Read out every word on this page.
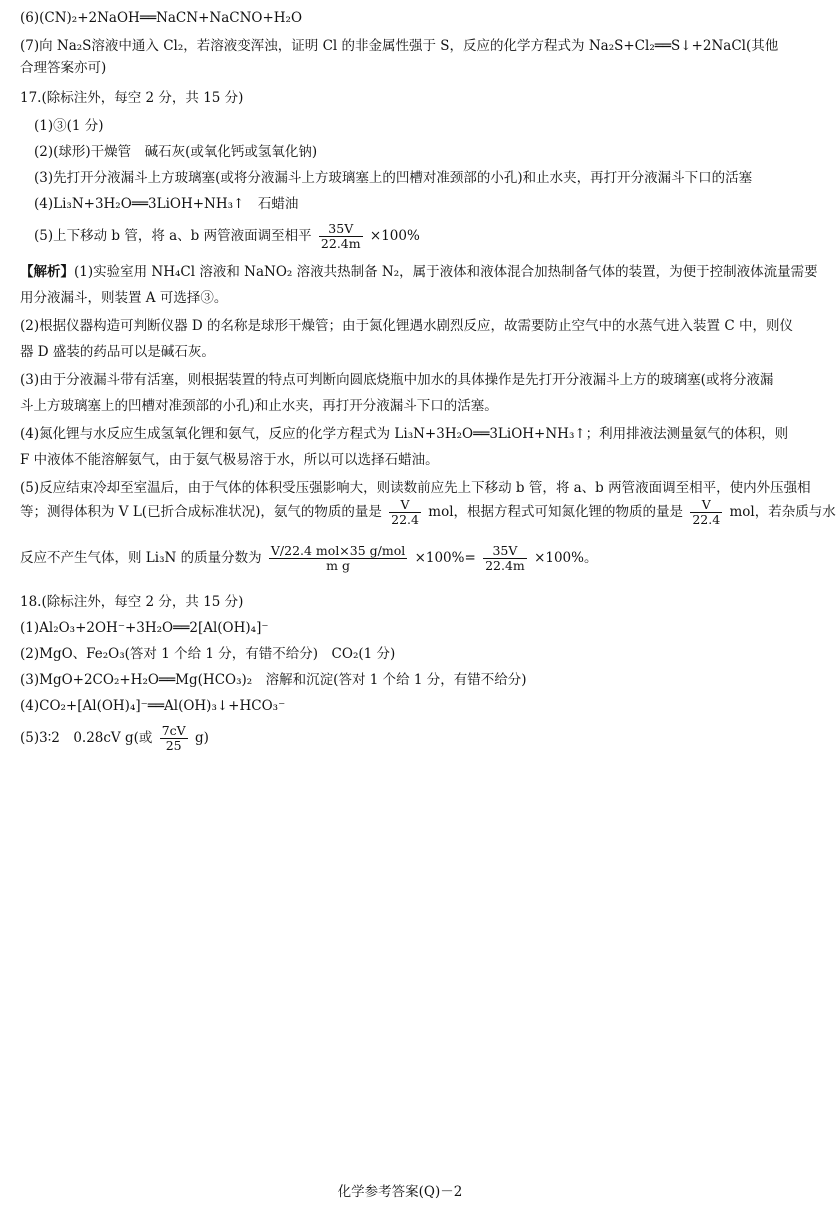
(6)(CN)₂+2NaOH══NaCN+NaCNO+H₂O
(7)向 Na₂S溶液中通入 Cl₂，若溶液变浑浊，证明 Cl 的非金属性强于 S，反应的化学方程式为 Na₂S+Cl₂══S↓+2NaCl(其他
合理答案亦可)
17.(除标注外，每空 2 分，共 15 分)
(1)③(1 分)
(2)(球形)干燥管　碱石灰(或氧化钙或氢氧化钠)
(3)先打开分液漏斗上方玻璃塞(或将分液漏斗上方玻璃塞上的凹槽对准颈部的小孔)和止水夹，再打开分液漏斗下口的活塞
(4)Li₃N+3H₂O══3LiOH+NH₃↑　石蜡油
(5)上下移动 b 管，将 a、b 两管液面调至相平 $\frac{35V}{22.4m} \times 100\%$
【解析】(1)实验室用 NH₄Cl 溶液和 NaNO₂ 溶液共热制备 N₂，属于液体和液体混合加热制备气体的装置，为便于控制液体流量需要
用分液漏斗，则装置 A 可选择③。
(2)根据仪器构造可判断仪器 D 的名称是球形干燥管；由于氮化锂遇水剧烈反应，故需要防止空气中的水蒸气进入装置 C 中，则仪
器 D 盛装的药品可以是碱石灰。
(3)由于分液漏斗带有活塞，则根据装置的特点可判断向圆底烧瓶中加水的具体操作是先打开分液漏斗上方的玻璃塞(或将分液漏
斗上方玻璃塞上的凹槽对准颈部的小孔)和止水夹，再打开分液漏斗下口的活塞。
(4)氮化锂与水反应生成氢氧化锂和氨气，反应的化学方程式为 Li₃N+3H₂O══3LiOH+NH₃↑；利用排液法测量氨气的体积，则
F 中液体不能溶解氨气，由于氨气极易溶于水，所以可以选择石蜡油。
(5)反应结束冷却至室温后，由于气体的体积受压强影响大，则读数前应先上下移动 b 管，将 a、b 两管液面调至相平，使内外压强相
等；测得体积为 V L(已折合成标准状况)，氨气的物质的量是 $\frac{V}{22.4}$ mol，根据方程式可知氮化锂的物质的量是 $\frac{V}{22.4}$ mol，若杂质与水
反应不产生气体，则 Li₃N 的质量分数为 $\frac{\text{V/22.4 mol×35 g/mol}}{\text{m g}} \times 100\%= \frac{35V}{22.4m} \times 100\%$。
18.(除标注外，每空 2 分，共 15 分)
(1)Al₂O₃+2OH⁻+3H₂O══2[Al(OH)₄]⁻
(2)MgO、Fe₂O₃(答对 1 个给 1 分，有错不给分)　CO₂(1 分)
(3)MgO+2CO₂+H₂O══Mg(HCO₃)₂　溶解和沉淀(答对 1 个给 1 分，有错不给分)
(4)CO₂+[Al(OH)₄]⁻══Al(OH)₃↓+HCO₃⁻
(5)3∶2　0.28cV g(或 $\frac{7cV}{25} g$)
化学参考答案(Q)－2
